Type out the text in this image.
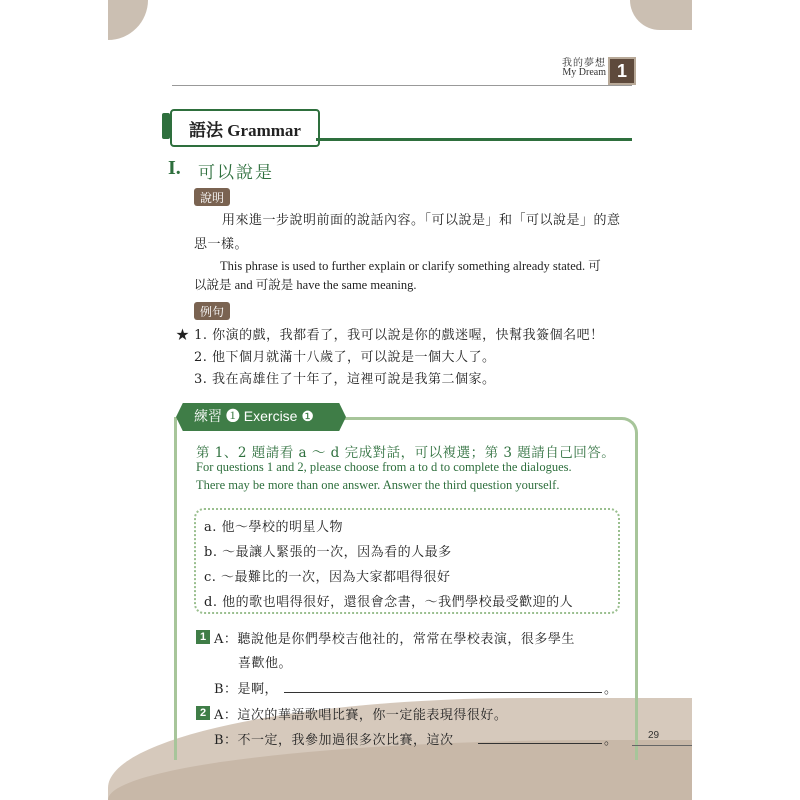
我的夢想
My Dream 1
語法 Grammar
I. 可以說是
說明
用來進一步說明前面的說話內容。「可以說是」和「可以說是」的意
思一樣。
This phrase is used to further explain or clarify something already stated. 可
以說是 and 可說是 have the same meaning.
例句
★ 1. 你演的戲，我都看了，我可以說是你的戲迷喔，快幫我簽個名吧！
2. 他下個月就滿十八歲了，可以說是一個大人了。
3. 我在高雄住了十年了，這裡可說是我第二個家。
練習 ❶ Exercise ❶
第 1、2 題請看 a ～ d 完成對話，可以複選；第 3 題請自己回答。
For questions 1 and 2, please choose from a to d to complete the dialogues.
There may be more than one answer. Answer the third question yourself.
a. 他～學校的明星人物
b. ～最讓人緊張的一次，因為看的人最多
c. ～最難比的一次，因為大家都唱得很好
d. 他的歌也唱得很好，還很會念書，～我們學校最受歡迎的人
1 A：聽說他是你們學校吉他社的，常常在學校表演，很多學生
喜歡他。
B：是啊，	。
2 A：這次的華語歌唱比賽，你一定能表現得很好。
B：不一定，我參加過很多次比賽，這次	。	29
